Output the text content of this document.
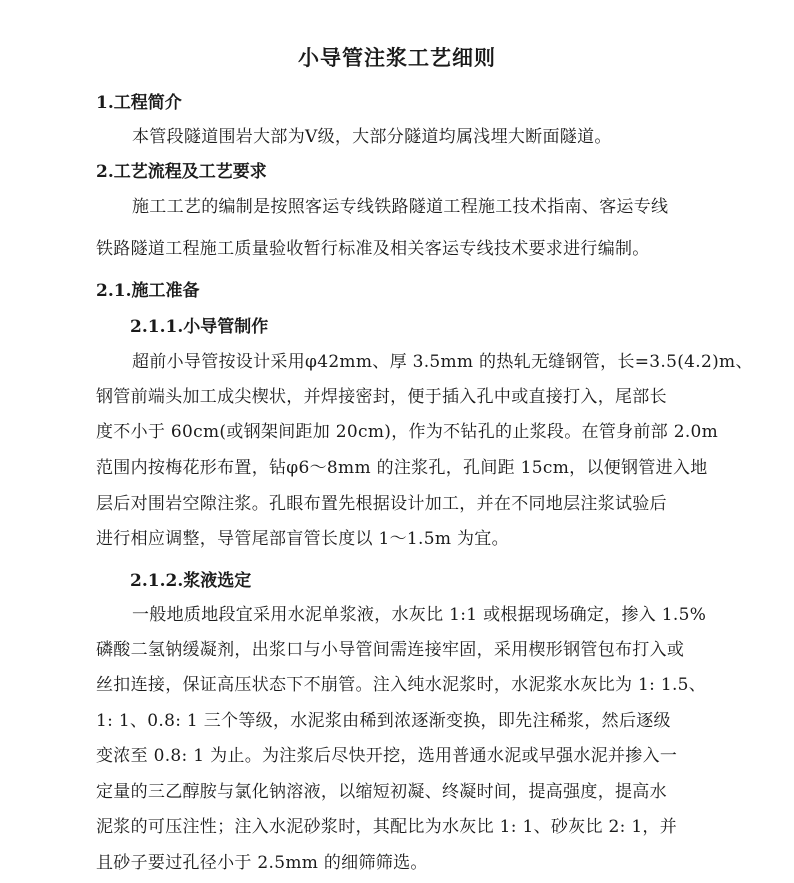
小导管注浆工艺细则
1.工程简介
本管段隧道围岩大部为Ⅴ级，大部分隧道均属浅埋大断面隧道。
2.工艺流程及工艺要求
施工工艺的编制是按照客运专线铁路隧道工程施工技术指南、客运专线
铁路隧道工程施工质量验收暂行标准及相关客运专线技术要求进行编制。
2.1.施工准备
2.1.1.小导管制作
超前小导管按设计采用φ42mm、厚 3.5mm 的热轧无缝钢管，长=3.5(4.2)m、
钢管前端头加工成尖楔状，并焊接密封，便于插入孔中或直接打入，尾部长
度不小于 60cm(或钢架间距加 20cm)，作为不钻孔的止浆段。在管身前部 2.0m
范围内按梅花形布置，钻φ6～8mm 的注浆孔，孔间距 15cm，以便钢管进入地
层后对围岩空隙注浆。孔眼布置先根据设计加工，并在不同地层注浆试验后
进行相应调整，导管尾部盲管长度以 1～1.5m 为宜。
2.1.2.浆液选定
一般地质地段宜采用水泥单浆液，水灰比 1:1 或根据现场确定，掺入 1.5%
磷酸二氢钠缓凝剂，出浆口与小导管间需连接牢固，采用楔形钢管包布打入或
丝扣连接，保证高压状态下不崩管。注入纯水泥浆时，水泥浆水灰比为 1: 1.5、
1: 1、0.8: 1 三个等级，水泥浆由稀到浓逐渐变换，即先注稀浆，然后逐级
变浓至 0.8: 1 为止。为注浆后尽快开挖，选用普通水泥或早强水泥并掺入一
定量的三乙醇胺与氯化钠溶液，以缩短初凝、终凝时间，提高强度，提高水
泥浆的可压注性；注入水泥砂浆时，其配比为水灰比 1: 1、砂灰比 2: 1，并
且砂子要过孔径小于 2.5mm 的细筛筛选。
